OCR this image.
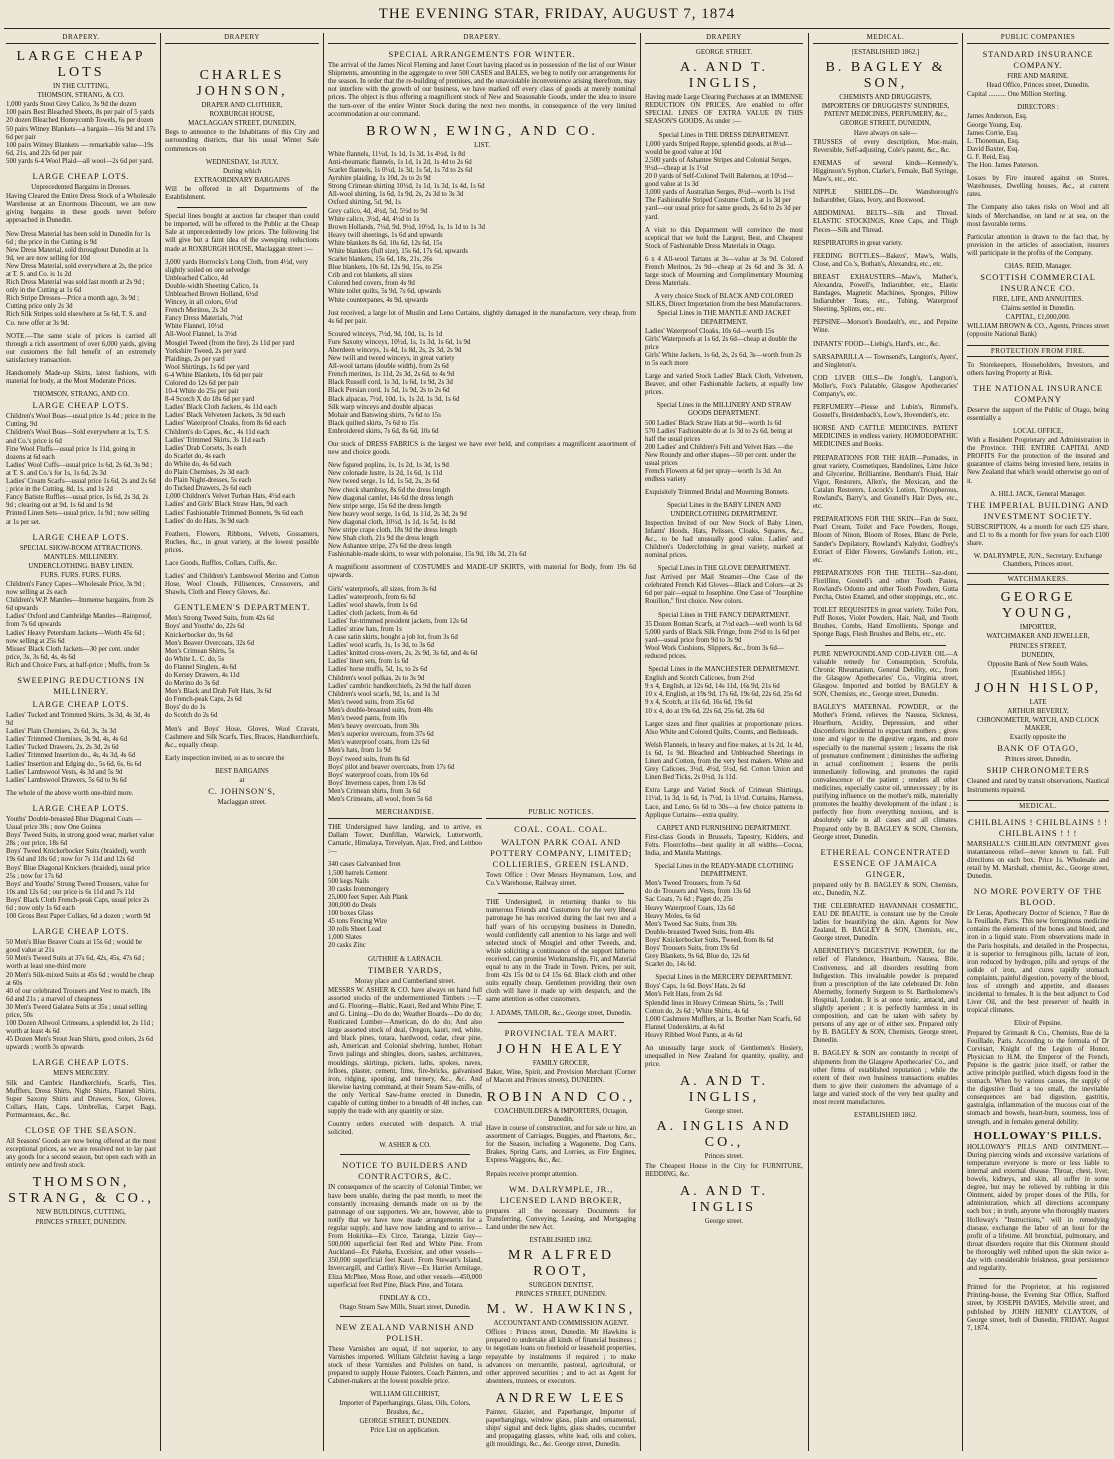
THE EVENING STAR, FRIDAY, AUGUST 7, 1874
DRAPERY.
LARGE CHEAP LOTS
IN THE CUTTING,
THOMSON, STRANG, & CO.
1,000 yards Stout Grey Calico, 3s 9d the dozen
100 pairs Best Bleached Sheets, 8s per pair of 5 yards
20 dozen Bleached Honeycomb Towels, 6s per dozen
50 pairs Witney Blankets—a bargain—16s 9d and 17s 6d per pair
100 pairs Witney Blankets — remarkable value—19s 6d, 21s, and 22s 6d per pair
500 yards 6-4 Wool Plaid—all wool—2s 6d per yard.
LARGE CHEAP LOTS.
Unprecedented Bargains in Dresses.
Having Cleared the Entire Dress Stock of a Wholesale Warehouse at an Enormous Discount, we are now giving bargains in these goods never before approached in Dunedin.
New Dress Material has been sold in Dunedin for 1s 6d ; the price in the Cutting is 9d
New Dress Material, sold throughout Dunedin at 1s 9d, we are now selling for 10d
New Dress Material, sold everywhere at 2s, the price at T. S. and Co. is 1s 2d
Rich Dress Material was sold last month at 2s 9d ; only in the Cutting at 1s 6d
Rich Stripe Dresses—Price a month ago, 3s 9d ; Cutting price only 2s 3d
Rich Silk Stripes sold elsewhere at 5s 6d, T. S. and Co. now offer at 3s 9d.
NOTE.—The same scale of prices is carried all through a rich assortment of over 6,000 yards, giving our customers the full benefit of an extremely satisfactory transaction.
Handsomely Made-up Skirts, latest fashions, with material for body, at the Most Moderate Prices.
THOMSON, STRANG, AND CO.
LARGE CHEAP LOTS.
Children's Wool Boas—usual price 1s 4d ; price in the Cutting, 9d
Children's Wool Boas—Sold everywhere at 1s, T. S. and Co.'s price is 6d
Fine Wool Fluffs—usual price 1s 11d, going in dozens at 6d each
Ladies' Wool Cuffs—usual price 1s 6d, 2s 6d, 3s 9d ; at T. S. and Co.'s for 1s, 1s 6d, 2s 3d
Ladies' Cream Scarfs—usual price 1s 6d, 2s and 2s 6d ; price in the Cutting, 8d, 1s, and 1s 2d
Fancy Batiste Ruffles—usual price, 1s 6d, 2s 3d, 2s 9d ; clearing out at 9d, 1s 6d and 1s 9d
Printed Linen Sets—usual price, 1s 9d ; now selling at 1s per set.
LARGE CHEAP LOTS.
SPECIAL SHOW-ROOM ATTRACTIONS.
MANTLES. MILLINERY.
UNDERCLOTHING. BABY LINEN.
FURS. FURS. FURS. FURS.
Children's Fancy Capes—Wholesale Price, 3s 9d ; now selling at 2s each
Children's W.P. Mantles—Immense bargains, from 2s 6d upwards
Ladies' Oxford and Cambridge Mantles—Rainproof, from 7s 6d upwards
Ladies' Heavy Petersham Jackets—Worth 45s 6d ; now selling at 25s 6d
Misses' Black Cloth Jackets—30 per cent. under price, 3s, 3s 6d, 4s, 4s 6d
Rich and Choice Furs, at half-price ; Muffs, from 5s
SWEEPING REDUCTIONS IN MILLINERY.
LARGE CHEAP LOTS.
Ladies' Tucked and Trimmed Skirts, 3s 3d, 4s 3d, 4s 9d
Ladies' Plain Chemises, 2s 6d, 3s, 3s 3d
Ladies' Trimmed Chemises, 3s 9d, 4s, 4s 6d
Ladies' Tucked Drawers, 2s, 2s 3d, 2s 6d
Ladies' Trimmed Insertion do., 4s, 4s 3d, 4s 6d
Ladies' Insertion and Edging do., 5s 6d, 6s, 6s 6d
Ladies' Lambswool Vests, 4s 3d and 5s 9d
Ladies' Lambswool Drawers, 5s 6d to 9s 6d
The whole of the above worth one-third more.
LARGE CHEAP LOTS.
Youths' Double-breasted Blue Diagonal Coats —Usual price 30s ; now One Guinea
Boys' Tweed Suits, in strong good wear, market value 28s ; our price, 18s 6d
Boys' Tweed Knickerbocker Suits (braided), worth 19s 6d and 18s 6d ; now for 7s 11d and 12s 6d
Boys' Blue Diagonal Knickers (braided), usual price 25s ; now for 17s 6d
Boys' and Youths' Strong Tweed Trousers, value for 10s and 12s 6d ; our price is 6s 11d and 7s 11d
Boys' Black Cloth French-peak Caps, usual price 2s 6d ; now only 1s 6d each
100 Gross Best Paper Collars, 6d a dozen ; worth 9d
LARGE CHEAP LOTS.
50 Men's Blue Beaver Coats at 15s 6d ; would be good value at 21s
50 Men's Tweed Suits at 37s 6d, 42s, 45s, 47s 6d ; worth at least one-third more
20 Men's Silk-mixed Suits at 45s 6d ; would be cheap at 60s
40 of our celebrated Trousers and Vest to match, 18s 6d and 21s ; a marvel of cheapness
30 Men's Tweed Galatea Suits at 35s ; usual selling price, 50s
100 Dozen Allwool Crimeans, a splendid lot, 2s 11d ; worth at least 4s 6d
45 Dozen Men's Stout Jean Shirts, good colors, 2s 6d upwards ; worth 3s upwards
LARGE CHEAP LOTS.
MEN'S MERCERY.
Silk and Cambric Handkerchiefs, Scarfs, Ties, Mufflers, Dress Shirts, Night Shirts, Flannel Shirts, Super Saxony Shirts and Drawers, Sox, Gloves, Collars, Hats, Caps, Umbrellas, Carpet Bags, Portmanteaus, &c., &c.
CLOSE OF THE SEASON.
All Seasons' Goods are now being offered at the most exceptional prices, as we are resolved not to lay past any goods for a second season, but open each with an entirely new and fresh stock.
THOMSON, STRANG, & CO.,
NEW BUILDINGS, CUTTING,
PRINCES STREET, DUNEDIN.
DRAPERY
CHARLES JOHNSON,
DRAPER AND CLOTHIER,
ROXBURGH HOUSE,
MACLAGGAN STREET, DUNEDIN,
Begs to announce to the Inhabitants of this City and surrounding districts, that his usual Winter Sale commences on
WEDNESDAY, 1st JULY,
During which
EXTRAORDINARY BARGAINS
Will be offered in all Departments of the Establishment.
Special lines bought at auction far cheaper than could be imported, will be offered to the Public at the Cheap Sale at unprecedentedly low prices. The following list will give but a faint idea of the sweeping reductions made at ROXBURGH HOUSE, Maclaggan street :—
3,000 yards Horrocks's Long Cloth, from 4½d, very slightly soiled on one selvedge
Unbleached Calico, 4d
Double-width Sheeting Calico, 1s
Unbleached Brown Holland, 6½d
Wincey, in all colors, 6½d
French Merinos, 2s 3d
Fancy Dress Materials, 7½d
White Flannel, 10½d
All-Wool Flannel, 1s 3½d
Mosgiel Tweed (from the fire), 2s 11d per yard
Yorkshire Tweed, 2s per yard
Plaidings, 2s per yard
Wool Shirtings, 1s 6d per yard
6-4 White Blankets, 10s 6d per pair
Colored do 12s 6d per pair
10-4 White do 25s per pair
8-4 Scotch X do 18s 6d per yard
Ladies' Black Cloth Jackets, 4s 11d each
Ladies' Black Velveteen Jackets, 3s 9d each
Ladies' Waterproof Cloaks, from 8s 6d each
Children's do Capes, &c., 4s 11d each
Ladies' Trimmed Skirts, 3s 11d each
Ladies' Drab Corsets, 3s each
do Scarlet do, 4s each
do White do, 4s 6d each
do Plain Chemises, 2s 3d each
do Plain Night-dresses, 5s each
do Tucked Drawers, 2s 6d each
1,000 Children's Velvet Turban Hats, 4½d each
Ladies' and Girls' Black Straw Hats, 9d each
Ladies' Fashionable Trimmed Bonnets, 9s 6d each
Ladies' do do Hats, 3s 9d each
Feathers, Flowers, Ribbons, Velvets, Gossamers, Ruches, &c., in great variety, at the lowest possible prices.
Lace Goods, Ruffles, Collars, Cuffs, &c.
Ladies' and Children's Lambswool Merino and Cotton Hose, Wool Clouds, Fillisences, Crossovers, and Shawls, Cloth and Fleecy Gloves, &c.
GENTLEMEN'S DEPARTMENT.
Men's Strong Tweed Suits, from 42s 6d
Boys' and Youths' do, 22s 6d
Knickerbocker do, 9s 6d
Men's Beaver Overcoats, 32s 6d
Men's Crimean Shirts, 5s
do White L. C. do, 5s
do Flannel Singlets, 4s 6d
do Kersey Drawers, 4s 11d
do Merino do 3s 6d
Men's Black and Drab Felt Hats, 3s 6d
do French-peak Caps, 2s 6d
Boys' do do 1s
do Scotch do 2s 6d
Men's and Boys' Hose, Gloves, Wool Cravats, Cashmere and Silk Scarfs, Ties, Braces, Handkerchiefs, &c., equally cheap.
Early inspection invited, so as to secure the
BEST BARGAINS
at
C. JOHNSON'S,
Maclaggan street.
DRAPERY.
SPECIAL ARRANGEMENTS FOR WINTER.
The arrival of the James Nicol Fleming and Janet Court having placed us in possession of the list of our Winter Shipments, amounting in the aggregate to over 500 CASES and BALES, we beg to notify our arrangements for the season. In order that the re-building of premises, and the unavoidable inconvenience arising therefrom, may not interfere with the growth of our business, we have marked off every class of goods at merely nominal prices. The object is thus offering a magnificent stock of New and Seasonable Goods, under the idea to insure the turn-over of the entire Winter Stock during the next two months, in consequence of the very limited accommodation at our command.
BROWN, EWING, AND CO.
LIST.
White flannels, 11½d, 1s 1d, 1s 3d, 1s 4½d, 1s 8d
Anti-rheumatic flannels, 1s 1d, 1s 2d, 1s 4d to 2s 6d
Scarlet flannels, 1s 0½d, 1s 3d, 1s 5d, 1s 7d to 2s 6d
Ayrshire plaiding, 1s 10d, 2s to 2s 9d
Strong Crimean shirting 10½d, 1s 1d, 1s 3d, 1s 4d, 1s 6d
All-wool shirting, 1s 6d, 1s 9d, 2s, 2s 3d to 3s 3d
Oxford shirting, 5d, 9d, 1s
Grey calico, 4d, 4½d, 5d, 5½d to 9d
White calico, 3½d, 4d, 4½d to 1s
Brown Hollands, 7½d, 9d, 9½d, 10½d, 1s, 1s 1d to 1s 3d
Heavy twill sheetings, 1s 6d and upwards
White blankets 8s 6d, 10s 6d, 12s 6d, 15s
White blankets (full size), 15s 6d, 17s 6d, upwards
Scarlet blankets, 15s 6d, 18s, 21s, 26s
Blue blankets, 10s 6d, 12s 9d, 15s, to 25s
Crib and cot blankets, all sizes
Colored bed covers, from 4s 9d
White toilet quilts, 5s 9d, 7s 6d, upwards
White counterpanes, 4s 9d, upwards
Just received, a large lot of Muslin and Leno Curtains, slightly damaged in the manufacture, very cheap, from 4s 6d per pair.
Scoured winceys, 7½d, 9d, 10d, 1s, 1s 1d
Fure Saxony winceys, 10½d, 1s, 1s 3d, 1s 6d, 1s 9d
Aberdeen winceys, 1s 4d, 1s 8d, 2s, 2s 3d, 2s 9d
New twill and tweed winceys, in great variety
All-wool tartans (double width), from 2s 6d
French merinos, 1s 11d, 2s 3d, 2s 6d, to 4s 9d
Black Russell cord, 1s 3d, 1s 6d, 1s 9d, 2s 3d
Black Persian cord, 1s 5d, 1s 9d, 2s to 2s 6d
Black alpacas, 7½d, 10d, 1s, 1s 2d, 1s 3d, 1s 6d
Silk warp winceys and double alpacas
Mohair and Batswing shirts, 7s 6d to 15s
Black quilted skirts, 7s 6d to 15s
Embroidered skirts, 7s 6d, 8s 6d, 10s 6d
Our stock of DRESS FABRICS is the largest we have ever held, and comprises a magnificent assortment of new and choice goods.
New figured poplins, 1s, 1s 2d, 1s 3d, 1s 9d
New colonade lustre, 1s 2d, 1s 6d, 1s 11d
New tweed serge, 1s 1d, 1s 5d, 2s, 2s 6d
New check shambray, 8s 6d the dress length
New diagonal camlet, 14s 6d the dress length
New stripe serge, 15s 6d the dress length
New heavy wool serge, 1s 6d, 1s 11d, 2s 3d, 2s 9d
New diagonal cloth, 10½d, 1s 1d, 1s 5d, 1s 8d
New stripe crape cloth, 18s 9d the dress length
New Shah cloth, 21s 9d the dress length
New Ashantee stripe, 27s 6d the dress length
Fashionable-made skirts, to wear with polonaise, 15s 9d, 18s 3d, 21s 6d
A magnificent assortment of COSTUMES and MADE-UP SKIRTS, with material for Body, from 19s 6d upwards.
Girls' waterproofs, all sizes, from 3s 6d
Ladies' waterproofs, from 6s 6d
Ladies' wool shawls, from 1s 6d
Ladies' cloth jackets, from 4s 6d
Ladies' fur-trimmed president jackets, from 12s 6d
Ladies' straw hats, from 1s
A case satin skirts, bought a job lot, from 3s 6d
Ladies' wool scarfs, 1s, 1s 3d, to 3s 6d
Ladies' knitted cross-overs, 2s, 2s 9d, 3s 6d, and 4s 6d
Ladies' linen sets, from 1s 6d
Ladies' horse muffs, 5d, 1s, to 2s 6d
Children's wool polkas, 2s to 3s 9d
Ladies' cambric handkerchiefs, 2s 9d the half dozen
Children's wool scarfs, 9d, 1s, and 1s 3d
Men's tweed suits, from 35s 6d
Men's double-breasted suits, from 48s
Men's tweed pants, from 10s
Men's heavy overcoats, from 30s
Men's superior overcoats, from 37s 6d
Men's waterproof coats, from 12s 6d
Men's hats, from 1s 9d
Boys' tweed suits, from 8s 6d
Boys' pilot and beaver overcoats, from 17s 6d
Boys' waterproof coats, from 10s 6d
Boys' Inverness capes, from 13s 6d
Men's Crimean shirts, from 3s 6d
Men's Crimeans, all wool, from 5s 6d
MERCHANDISE.
THE Undersigned have landing, and to arrive, ex Dallam Tower, Dunfillan, Warwick, Lutterworth, Carnatic, Himalaya, Trevelyan, Ajax, Fred, and Leithoo :—
340 cases Galvanised Iron
1,500 barrels Cement
500 kegs Nails
30 casks Ironmongery
25,000 feet Super. Ash Plank
300,000 do Deals
100 boxes Glass
45 tons Fencing Wire
30 rolls Sheet Lead
1,000 Slates
20 casks Zinc
GUTHRIE & LARNACH.
TIMBER YARDS,
Moray place and Cumberland street.
MESSRS W. ASHER & CO. have always on hand full assorted stocks of the undermentioned Timbers :—T. and G. Flooring—Baltic, Kauri, Red and White Pine; T. and G. Lining—Do do do; Weather Boards—Do do do; Rusticated Lumber—American, do do do; And also large assorted stock of deal, Oregon, kauri, red, white, and black pines, totara, hardwood, cedar, clear pine, ash, American and Colonial shelving, lumber, Hobart Town palings and shingles, doors, sashes, architraves, mouldings, skirtings, pickets, laths, spokes, naves, felloes, plaster, cement, lime, fire-bricks, galvanised iron, ridging, spouting, and turnery, &c., &c. And likewise having command, at their Steam Saw-mills, of the only Vertical Saw-frame erected in Dunedin, capable of cutting timber to a breadth of 48 inches, can supply the trade with any quantity or size.
Country orders executed with despatch. A trial solicited.
W. ASHER & CO.
NOTICE TO BUILDERS AND CONTRACTORS, &C.
IN consequence of the scarcity of Colonial Timber, we have been unable, during the past month, to meet the constantly increasing demands made on us by the patronage of our supporters. We are, however, able to notify that we have now made arrangements for a regular supply, and have now landing and to arrive—From Hokitika—Ex Circe, Taranga, Lizzie Guy—500,000 superficial feet Red and White Pine. From Auckland—Ex Pakeha, Excelsior, and other vessels—350,000 superficial feet Kauri. From Stewart's Island, Invercargill, and Catlin's River—Ex Harriet Armitage, Eliza McPhee, Moss Rose, and other vessels—450,000 superficial feet Red Pine, Black Pine, and Totara.
FINDLAY & CO.,
Otago Steam Saw Mills, Stuart street, Dunedin.
NEW ZEALAND VARNISH AND POLISH.
These Varnishes are equal, if not superior, to any Varnishes imported. William Gilchrist having a large stock of these Varnishes and Polishes on hand, is prepared to supply House Painters, Coach Painters, and Cabinet-makers at the lowest possible price.
WILLIAM GILCHRIST,
Importer of Paperhangings, Glass, Oils, Colors, Brushes, &c.,
GEORGE STREET, DUNEDIN.
Price List on application.
DRAPERY
GEORGE STREET.
A. AND T. INGLIS,
Having made Large Clearing Purchases at an IMMENSE REDUCTION ON PRICES, Are enabled to offer SPECIAL LINES OF EXTRA VALUE IN THIS SEASON'S GOODS, As under :—
Special Lines in THE DRESS DEPARTMENT.
1,000 yards Striped Reppe, splendid goods, at 8½d—would be good value at 10d
2,500 yards of Ashantee Stripes and Colonial Serges, 9½d—cheap at 1s 1½d
20 0 yards of Self-Colored Twill Balernos, at 10½d—good value at 1s 3d
3,000 yards of Australian Serges, 8½d—worth 1s 1½d
The Fashionable Striped Costume Cloth, at 1s 3d per yard—our usual price for same goods, 2s 6d to 2s 3d per yard.
A visit to this Department will convince the most sceptical that we hold the Largest, Best, and Cheapest Stock of Fashionable Dress Materials in Otago.
6 x 4 All-wool Tartans at 3s—value at 3s 9d. Colored French Merinos, 2s 9d—cheap at 2s 6d and 3s 3d. A large stock of Mourning and Complimentary Mourning Dress Materials.
A very choice Stock of BLACK AND COLORED SILKS, Direct Importation from the best Manufacturers.
Special Lines in THE MANTLE AND JACKET DEPARTMENT.
Ladies' Waterproof Cloaks, 10s 6d—worth 15s
Girls' Waterproofs at 1s 6d, 2s 6d—cheap at double the price
Girls' White Jackets, 1s 6d, 2s, 2s 6d, 3s—worth from 2s to 5s each more
Large and varied Stock Ladies' Black Cloth, Velveteen, Beaver, and other Fashionable Jackets, at equally low prices.
Special Lines in the MILLINERY AND STRAW GOODS DEPARTMENT.
500 Ladies' Black Straw Hats at 9d—worth 1s 6d
570 Ladies' Fashionable do at 1s 3d to 2s 6d, being at half the usual prices
200 Ladies' and Children's Felt and Velvet Hats —the New Roundy and other shapes—50 per cent. under the usual prices
French Flowers at 6d per spray—worth 1s 3d. An endless variety
Exquisitely Trimmed Bridal and Mourning Bonnets.
Special Lines in the BABY LINEN AND UNDERCLOTHING DEPARTMENT.
Inspection Invited of our New Stock of Baby Linen, Infants' Hoods, Hats, Pelisses, Cloaks, Squares, &c., &c., to be had unusually good value. Ladies' and Children's Underclothing in great variety, marked at nominal prices.
Special Lines in THE GLOVE DEPARTMENT.
Just Arrived per Mail Steamer—One Case of the celebrated French Kid Gloves—Black and Colors—at 2s 6d per pair—equal to Josephine. One Case of "Josephine Rouillon," first choice. New colors.
Special Lines in THE FANCY DEPARTMENT.
35 Dozen Roman Scarfs, at 7½d each—well worth 1s 6d
5,000 yards of Black Silk Fringe, from 2½d to 1s 6d per yard—usual price from 9d to 3s 9d
Wool Work Cushions, Slippers, &c., from 3s 6d—reduced prices.
Special Lines in the MANCHESTER DEPARTMENT.
English and Scotch Calicoes, from 2½d
9 x 4, English, at 12s 6d, 14s 11d, 16s 9d, 21s 6d
10 x 4, English, at 19s 9d, 17s 6d, 19s 6d, 22s 6d, 25s 6d
9 x 4, Scotch, at 11s 6d, 16s 6d, 19s 6d
10 x 4, do at 19s 6d, 22s 6d, 25s 6d, 28s 6d
Larger sizes and finer qualities at proportionate prices. Also White and Colored Quilts, Counts, and Bedsteads.
Welsh Flannels, in heavy and fine makes, at 1s 2d, 1s 4d, 1s 6d, 1s 9d. Bleached and Unbleached Sheetings in Linen and Cotton, from the very best makers. White and Grey Calicoes, 3½d, 4½d, 5½d, 6d. Cotton Union and Linen Bed Ticks, 2s 0½d, 1s 11d.
Extra Large and Varied Stock of Crimean Shirtings, 11½d, 1s 3d, 1s 6d, 1s 7½d, 1s 11½d. Curtains, Harness, Lace, and Leno, 6s 6d to 30s—a few choice patterns in Applique Curtains—extra quality.
CARPET AND FURNISHING DEPARTMENT.
First-class Goods in Brussels, Tapestry, Kidders, and Felts. Floorcloths—best quality in all widths—Cocoa, India, and Manila Mattings.
Special Lines in the READY-MADE CLOTHING DEPARTMENT.
Men's Tweed Trousers, from 7s 6d
do do Trousers and Vests, from 13s 6d
Sac Coats, 7s 6d ; Paget do, 25s
Heavy Waterproof Coats, 12s 6d
Heavy Moles, 6s 6d
Men's Tweed Sac Suits, from 30s
Double-breasted Tweed Suits, from 40s
Boys' Knickerbocker Suits, Tweed, from 8s 6d
Boys' Trousers Suits, from 19s 6d
Grey Blankets, 9s 6d, Blue do, 12s 6d
Scarlet do, 14s 6d.
Special Lines in the MERCERY DEPARTMENT.
Boys' Caps, 1s 6d. Boys' Hats, 2s 6d
Men's Felt Hats, from 2s 6d
Splendid lines in Heavy Crimean Shirts, 5s ; Twill Cotton do, 2s 6d ; White Shirts, 4s 6d
1,000 Cashmere Mufflers, at 1s. Brother Nam Scarfs, 6d
Flannel Underskirts, at 4s 6d
Heavy Ribbed Wool Pants, at 4s 6d
An unusually large stock of Gentlemen's Hosiery, unequalled in New Zealand for quantity, quality, and price.
A. AND T. INGLIS,
George street.
A. INGLIS AND CO.,
Princes street.
The Cheapest House in the City for FURNITURE, BEDDING, &c.
A. AND T. INGLIS
George street.
PUBLIC NOTICES.
COAL. COAL. COAL.
WALTON PARK COAL AND POTTERY COMPANY, LIMITED; COLLIERIES, GREEN ISLAND.
Town Office : Over Messrs Heymanson, Low, and Co.'s Warehouse, Railway street.
THE Undersigned, in returning thanks to his numerous Friends and Customers for the very liberal patronage he has received during the last two and a half years of his occupying business in Dunedin, would confidently call attention to his large and well selected stock of Mosgiel and other Tweeds, and, while soliciting a continuance of the support hitherto received, can promise Workmanship, Fit, and Material equal to any in the Trade in Town. Prices, per suit, from 42s 15s 0d to £4 15s 6d. Black cloth and other suits equally cheap. Gentlemen providing their own cloth will have it made up with despatch, and the same attention as other customers.
J. ADAMS, TAILOR, &c., George street, Dunedin.
PROVINCIAL TEA MART.
JOHN HEALEY
FAMILY GROCER,
Baker, Wine, Spirit, and Provision Merchant (Corner of Macon and Princes streets), DUNEDIN.
ROBIN AND CO.,
COACHBUILDERS & IMPORTERS, Octagon, Dunedin,
Have in course of construction, and for sale or hire, an assortment of Carriages, Buggies, and Phaetons, &c., for the Season, including a Wagonette, Dog Carts, Brakes, Spring Carts, and Lorries, as Fire Engines, Express Waggons, &c., &c.
Repairs receive prompt attention.
WM. DALRYMPLE, JR., LICENSED LAND BROKER,
prepares all the necessary Documents for Transferring, Conveying, Leasing, and Mortgaging Land under the new Act.
ESTABLISHED 1862.
MR ALFRED ROOT,
SURGEON DENTIST,
PRINCES STREET, DUNEDIN.
M. W. HAWKINS,
ACCOUNTANT AND COMMISSION AGENT.
Offices : Princes street, Dunedin. Mr Hawkins is prepared to undertake all kinds of financial business ; to negotiate loans on freehold or leasehold properties, repayable by instalments if required ; to make advances on mercantile, pastoral, agricultural, or other approved securities ; and to act as Agent for absentees, trustees, or executors.
ANDREW LEES
Painter, Glazier, and Paperhanger, Importer of paperhangings, window glass, plain and ornamental, ships' signal and deck lights, glass shades, cucumber and propagating glasses, white lead, oils and colors, gilt mouldings, &c., &c. George street, Dunedin.
MEDICAL.
[ESTABLISHED 1862.]
B. BAGLEY & SON,
CHEMISTS AND DRUGGISTS,
IMPORTERS OF DRUGGISTS' SUNDRIES, PATENT MEDICINES, PERFUMERY, &c.,
GEORGE STREET, DUNEDIN,
Have always on sale—
TRUSSES of every description, Moc-main, Reversible, Self-adjusting, Cole's patent, &c., &c.
ENEMAS of several kinds—Kennedy's, Higginson's Syphon, Clarke's, Female, Ball Syringe, Maw's, etc., etc.
NIPPLE SHIELDS—Dr. Wansborough's Indiarubber, Glass, Ivory, and Boxwood.
ABDOMINAL BELTS—Silk and Thread. ELASTIC STOCKINGS, Knee Caps, and Thigh Pieces—Silk and Thread.
RESPIRATORS in great variety.
FEEDING BOTTLES—Bakers', Maw's, Walls, Close, and Co.'s, Bothan's, Alexandra, etc., etc.
BREAST EXHAUSTERS—Maw's, Mather's, Alexandra, Powell's, Indiarubber, etc., Elastic Bandages, Magnetic Machines, Sponges, Pillow Indiarubber Teats, etc., Tubing, Waterproof Sheeting, Splints, etc., etc.
PEPSINE—Morson's Boudault's, etc., and Pepsine Wine.
INFANTS' FOOD—Liebig's, Hard's, etc., &c.
SARSAPARILLA — Townsend's, Langton's, Ayers', and Singleton's.
COD LIVER OILS—De Jongh's, Langton's, Moller's, Fox's Palatable, Glasgow Apothecaries' Company's, etc.
PERFUMERY—Piesse and Lubin's, Rimmel's, Gosnell's, Breidenbach's, Low's, Hovenden's, etc.
HORSE AND CATTLE MEDICINES. PATENT MEDICINES in endless variety. HOMOEOPATHIC MEDICINES and Books.
PREPARATIONS FOR THE HAIR—Pomades, in great variety, Cosmetiques, Bandolines, Lime Juice and Glycerine, Brilliantine, Bentham's Fluid, Hair Vigor, Restorers, Allen's, the Mexican, and the Catalan Restorers, Locock's Lotion, Tricopherous, Rowland's, Barry's, and Gosnell's Hair Dyes, etc., etc.
PREPARATIONS FOR THE SKIN—Fan de Suez, Pearl Cream, Toilet and Face Powders, Rouge, Bloom of Ninon, Bloom of Roses, Blanc de Perle, Sander's Depilatory, Rowland's Kalydor, Godfrey's Extract of Elder Flowers, Gowland's Lotion, etc., etc.
PREPARATIONS FOR THE TEETH—Saz-dont, Florilline, Gosnell's and other Tooth Pastes, Rowland's Odonto and other Tooth Powders, Gutta Percha, Osteo Enamel, and other stoppings, etc., etc.
TOILET REQUISITES in great variety. Toilet Pots, Puff Boxes, Violet Powders, Hair, Nail, and Tooth Brushes, Combs, Hand Emollients, Sponge and Sponge Bags, Flesh Brushes and Belts, etc., etc.
PURE NEWFOUNDLAND COD-LIVER OIL—A valuable remedy for Consumption, Scrofula, Chronic Rheumatism, General Debility, etc., from the Glasgow Apothecaries' Co., Virginia street, Glasgow. Imported and bottled by BAGLEY & SON, Chemists, etc., George street, Dunedin.
BAGLEY'S MATERNAL POWDER, or the Mother's Friend, relieves the Nausea, Sickness, Heartburn, Acidity, Depression, and other discomforts incidental to expectant mothers ; gives tone and vigor to the digestive organs, and more especially to the maternal system ; lessens the risk of premature confinement ; diminishes the suffering in actual confinement ; lessens the perils immediately following, and promotes the rapid convalescence of the patient ; renders all other medicines, especially castor oil, unnecessary ; by its purifying influence on the mother's milk, materially promotes the healthy development of the infant ; is perfectly free from everything noxious, and is absolutely safe in all cases and all climates. Prepared only by B. BAGLEY & SON, Chemists, George street, Dunedin.
ETHEREAL CONCENTRATED ESSENCE OF JAMAICA GINGER,
prepared only by B. BAGLEY & SON, Chemists, etc., Dunedin, N.Z.
THE CELEBRATED HAVANNAH COSMETIC, EAU DE BEAUTE, is constant use by the Creole ladies for beautifying the skin. Agents for New Zealand, B. BAGLEY & SON, Chemists, etc., George street, Dunedin.
ABERNETHY'S DIGESTIVE POWDER, for the relief of Flatulence, Heartburn, Nausea, Bile, Costiveness, and all disorders resulting from Indigestion. This invaluable powder is prepared from a prescription of the late celebrated Dr. John Abernethy, formerly Surgeon to St. Bartholomew's Hospital, London. It is at once tonic, antacid, and slightly aperient ; it is perfectly harmless in its composition, and can be taken with safety by persons of any age or of either sex. Prepared only by B. BAGLEY & SON, Chemists, George street, Dunedin.
B. BAGLEY & SON are constantly in receipt of shipments from the Glasgow Apothecaries' Co., and other firms of established reputation ; while the extent of their own business transactions enables them to give their customers the advantage of a large and varied stock of the very best quality and most recent manufactures.
ESTABLISHED 1862.
PUBLIC COMPANIES
STANDARD INSURANCE COMPANY.
FIRE AND MARINE.
Head Office, Princes street, Dunedin.
Capital .......... One Million Sterling.
DIRECTORS :
James Anderson, Esq.
George Young, Esq.
James Corrie, Esq.
L. Thoneman, Esq.
David Baxter, Esq.
G. F. Reid, Esq.
The Hon. James Paterson.
Losses by Fire insured against on Stores, Warehouses, Dwelling houses, &c., at current rates.
The Company also takes risks on Wool and all kinds of Merchandise, on land or at sea, on the most favorable terms.
Particular attention is drawn to the fact that, by provision in the articles of association, insurers will participate in the profits of the Company.
CHAS. REID, Manager.
SCOTTISH COMMERCIAL INSURANCE CO.
FIRE, LIFE, AND ANNUITIES.
Claims settled in Dunedin.
CAPITAL, £1,000,000.
WILLIAM BROWN & CO., Agents, Princes street (opposite National Bank)
PROTECTION FROM FIRE.
To Storekeepers, Householders, Investors, and others having Property at Risk.
THE NATIONAL INSURANCE COMPANY
Deserve the support of the Public of Otago, being essentially a
LOCAL OFFICE,
With a Resident Proprietary and Administration in the Province. THE ENTIRE CAPITAL AND PROFITS For the protection of the insured and guarantee of claims being invested here, retains in New Zealand that which would otherwise go out of it.
A. HILL JACK, General Manager.
THE IMPERIAL BUILDING AND INVESTMENT SOCIETY.
SUBSCRIPTION, 4s a month for each £25 share, and £1 to 8s a month for five years for each £100 share.
W. DALRYMPLE, JUN., Secretary. Exchange Chambers, Princes street.
WATCHMAKERS.
GEORGE YOUNG,
IMPORTER,
WATCHMAKER AND JEWELLER,
PRINCES STREET,
DUNEDIN,
Opposite Bank of New South Wales.
[Established 1856.]
JOHN HISLOP,
LATE
ARTHUR BEVERLY,
CHRONOMETER, WATCH, AND CLOCK MAKER,
Exactly opposite the
BANK OF OTAGO,
Princes street, Dunedin,
SHIP CHRONOMETERS
Cleaned and rated by transit observations, Nautical Instruments repaired.
MEDICAL.
CHILBLAINS ! CHILBLAINS ! ! CHILBLAINS ! ! !
MARSHALL'S CHILBLAIN OINTMENT gives instantaneous relief—never known to fail. Full directions on each box. Price 1s. Wholesale and retail by M. Marshall, chemist, &c., George street, Dunedin.
NO MORE POVERTY OF THE BLOOD.
Dr Leras, Apothecary Doctor of Science, 7 Rue de la Feuillade, Paris. This new ferruginous medicine contains the elements of the bones and blood, and iron in a liquid state. From observations made in the Paris hospitals, and detailed in the Prospectus, it is superior to ferruginous pills, lactate of iron, iron reduced by hydrogen, pills and syrups of the iodide of iron, and cures rapidly stomach complaints, painful digestion, poverty of the blood, loss of strength and appetite, and diseases incidental to females. It is the best adjunct to Cod Liver Oil, and the best preserver of health in tropical climates.
Elixir of Pepsine.
Prepared by Grimault & Co., Chemists, Rue de la Feuillade, Paris. According to the formula of Dr Corvisart, Knight of the Legion of Honor, Physician to H.M. the Emperor of the French, Pepsine is the gastric juice itself, or rather the active principle purified, which digests food in the stomach. When by various causes, the supply of the digestive fluid a too small, the inevitable consequences are bad digestion, gastritis, gastralgia, inflammation of the mucous coat of the stomach and bowels, heart-burn, sourness, loss of strength, and in females general debility.
HOLLOWAY'S PILLS.
HOLLOWAY'S PILLS AND OINTMENT.—During piercing winds and excessive variations of temperature everyone is more or less liable to internal and external disease. Throat, chest, liver, bowels, kidneys, and skin, all suffer in some degree, but may be relieved by rubbing in this Ointment, aided by proper doses of the Pills, for administration, which all directions accompany each box ; in truth, anyone who thoroughly masters Holloway's "Instructions," will in remedying disease, exchange the labor of an hour for the profit of a lifetime. All bronchial, pulmonary, and throat disorders require that this Ointment should be thoroughly well rubbed upon the skin twice a-day with considerable briskness, great persistence and regularity.
Printed for the Proprietor, at his registered Printing-house, the Evening Star Office, Stafford street, by JOSEPH DAVIES, Melville street, and published by JOHN HENRY CLAYTON, of George street, both of Dunedin, FRIDAY, August 7, 1874.
